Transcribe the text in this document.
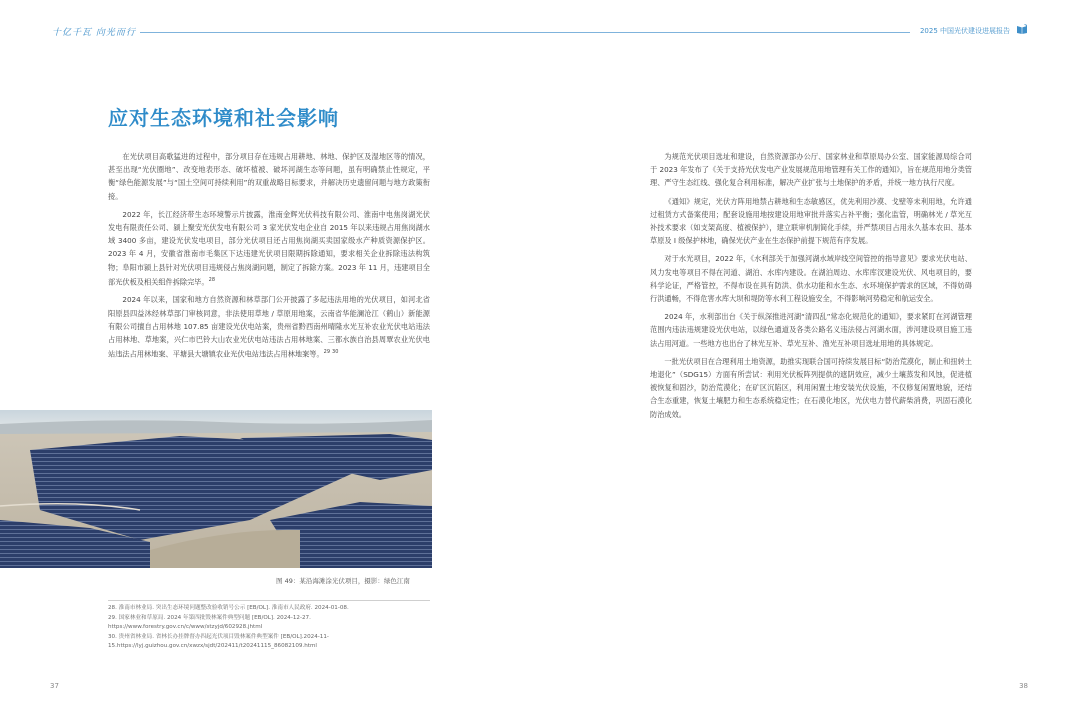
十亿千瓦 向光而行	2025 中国光伏建设进展报告
应对生态环境和社会影响

在光伏项目高歌猛进的过程中，部分项目存在违规占用耕地、林地、保护区及湿地区等的情况，甚至出现“光伏圈地”、改变地表形态、破坏植被、破坏河湖生态等问题，虽有明确禁止性规定，平衡“绿色能源发展”与“国土空间可持续利用”的双重战略目标要求，并解决历史遗留问题与地方政策衔接。

2022 年，长江经济带生态环境警示片披露，淮南金辉光伏科技有限公司、淮南中电焦岗湖光伏发电有限责任公司、颍上聚安光伏发电有限公司 3 家光伏发电企业自 2015 年以来违规占用焦岗湖水域 3400 多亩，建设光伏发电项目，部分光伏项目还占用焦岗湖买卖国家级水产种质资源保护区。2023 年 4 月，安徽省淮南市毛集区下达违建光伏项目限期拆除通知，要求相关企业拆除违法构筑物；阜阳市颍上县针对光伏项目违规侵占焦岗湖问题，制定了拆除方案。2023 年 11 月，违建项目全部光伏板及相关组件拆除完毕。$^{28}$

2024 年以来，国家和地方自然资源和林草部门公开披露了多起违法用地的光伏项目，如河北省阳原县四益沐经林草部门审核同意，非法使用草地 / 草原用地案，云南省华能澜沧江（鹤山）新能源有限公司擅自占用林地 107.85 亩建设光伏电站案，贵州省黔西南州晴隆水光互补农业光伏电站违法占用林地、草地案，兴仁市巴铃大山农业光伏电站违法占用林地案、三都水族自治县周覃农业光伏电站违法占用林地案、平塘县大塘镇农业光伏电站违法占用林地案等。$^{29}$ $^{30}$

图 49：某沿海滩涂光伏项目，摄影：绿色江南
28. 淮南市林业局. 突出生态环境问题整改验收销号公示 [EB/OL]. 淮南市人民政府. 2024-01-08.
29. 国家林业和草原局. 2024 年第四批毁林案件典型问题 [EB/OL]. 2024-12-27. https://www.forestry.gov.cn/c/www/stzyjd/602928.jhtml
30. 贵州省林业局. 省林长办挂牌督办四起光伏项目毁林案件典型案件 [EB/OL].2024-11-15.https://lyj.guizhou.gov.cn/xwzx/sjdt/202411/t20241115_86082109.html

为规范光伏项目选址和建设，自然资源部办公厅、国家林业和草原局办公室、国家能源局综合司于 2023 年发布了《关于支持光伏发电产业发展规范用地管理有关工作的通知》，旨在规范用地分类管理、严守生态红线、强化复合利用标准，解决产业扩张与土地保护的矛盾，并统一地方执行尺度。

《通知》规定，光伏方阵用地禁占耕地和生态敏感区，优先利用沙漠、戈壁等未利用地，允许通过租赁方式备案使用；配套设施用地按建设用地审批并落实占补平衡；强化监管，明确林光 / 草光互补技术要求（如支架高度、植被保护），建立联审机制简化手续，并严禁项目占用永久基本农田、基本草原及 I 级保护林地，确保光伏产业在生态保护前提下规范有序发展。

对于水光项目，2022 年，《水利部关于加强河湖水域岸线空间管控的指导意见》要求光伏电站、风力发电等项目不得在河道、湖泊、水库内建设。在湖泊周边、水库库汊建设光伏、风电项目的，要科学论证，严格管控，不得布设在具有防洪、供水功能和水生态、水环境保护需求的区域，不得妨碍行洪通畅，不得危害水库大坝和堤防等水利工程设施安全，不得影响河势稳定和航运安全。

2024 年，水利部出台《关于纵深推进河湖“清四乱”常态化规范化的通知》，要求紧盯在河湖管理范围内违法违规建设光伏电站，以绿色通道及各类公路名义违法侵占河湖水面，涉河建设项目施工违法占用河道。一些地方也出台了林光互补、草光互补、渔光互补项目选址用地的具体规定。

一批光伏项目在合理利用土地资源，助推实现联合国可持续发展目标“防治荒漠化，制止和扭转土地退化”（SDG15）方面有所尝试：利用光伏板阵列提供的遮阴效应，减少土壤蒸发和风蚀，促进植被恢复和固沙，防治荒漠化；在矿区沉陷区，利用闲置土地安装光伏设施，不仅修复闲置地貌，还结合生态重建，恢复土壤肥力和生态系统稳定性；在石漠化地区，光伏电力替代薪柴消费，巩固石漠化防治成效。

37	38
